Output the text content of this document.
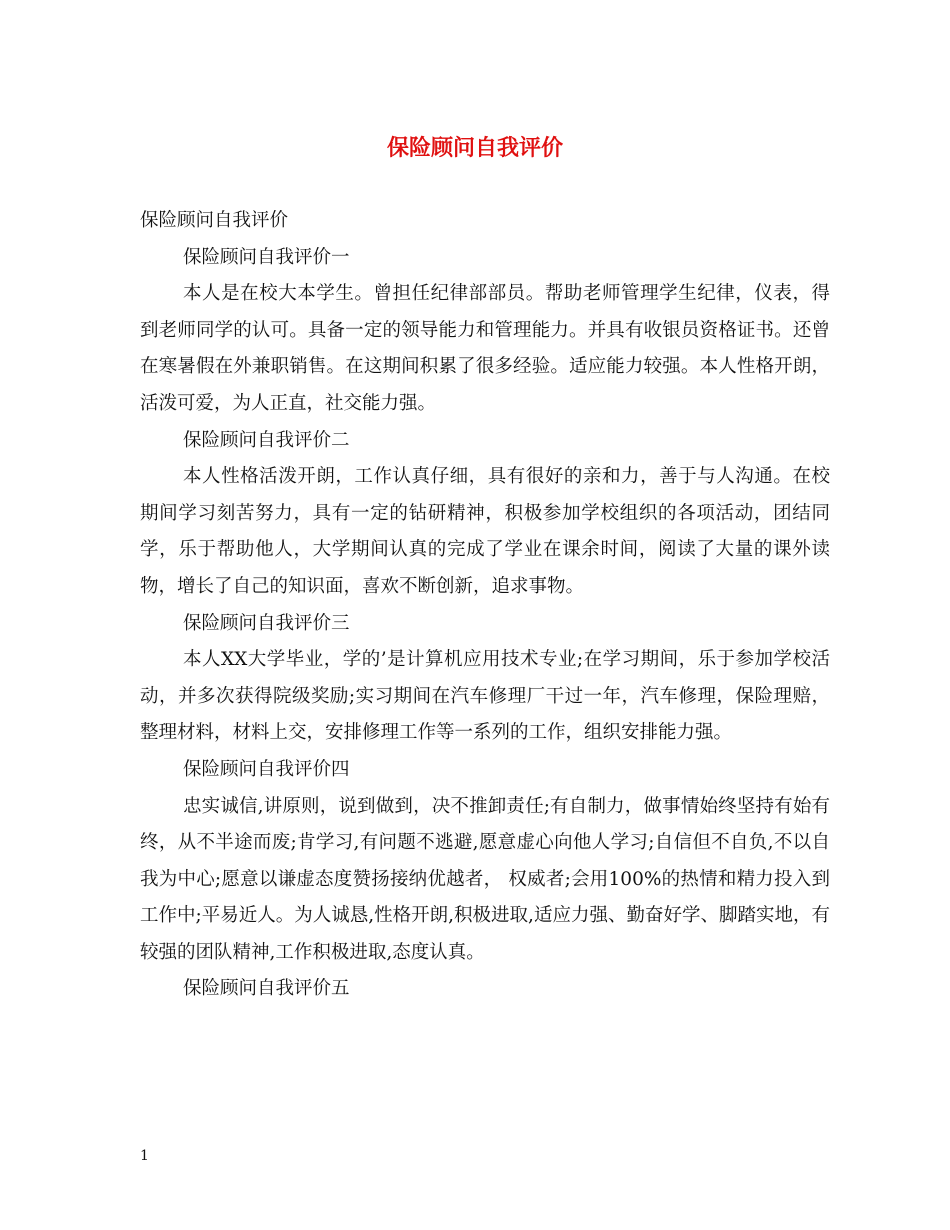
保险顾问自我评价

保险顾问自我评价

保险顾问自我评价一

本人是在校大本学生。曾担任纪律部部员。帮助老师管理学生纪律，仪表，得到老师同学的认可。具备一定的领导能力和管理能力。并具有收银员资格证书。还曾在寒暑假在外兼职销售。在这期间积累了很多经验。适应能力较强。本人性格开朗，活泼可爱，为人正直，社交能力强。

保险顾问自我评价二

本人性格活泼开朗，工作认真仔细，具有很好的亲和力，善于与人沟通。在校期间学习刻苦努力，具有一定的钻研精神，积极参加学校组织的各项活动，团结同学，乐于帮助他人，大学期间认真的完成了学业在课余时间，阅读了大量的课外读物，增长了自己的知识面，喜欢不断创新，追求事物。

保险顾问自我评价三

本人XX大学毕业，学的’是计算机应用技术专业;在学习期间，乐于参加学校活动，并多次获得院级奖励;实习期间在汽车修理厂干过一年，汽车修理，保险理赔，整理材料，材料上交，安排修理工作等一系列的工作，组织安排能力强。

保险顾问自我评价四

忠实诚信,讲原则，说到做到，决不推卸责任;有自制力，做事情始终坚持有始有终，从不半途而废;肯学习,有问题不逃避,愿意虚心向他人学习;自信但不自负,不以自我为中心;愿意以谦虚态度赞扬接纳优越者， 权威者;会用100%的热情和精力投入到工作中;平易近人。为人诚恳,性格开朗,积极进取,适应力强、勤奋好学、脚踏实地，有较强的团队精神,工作积极进取,态度认真。

保险顾问自我评价五

1
